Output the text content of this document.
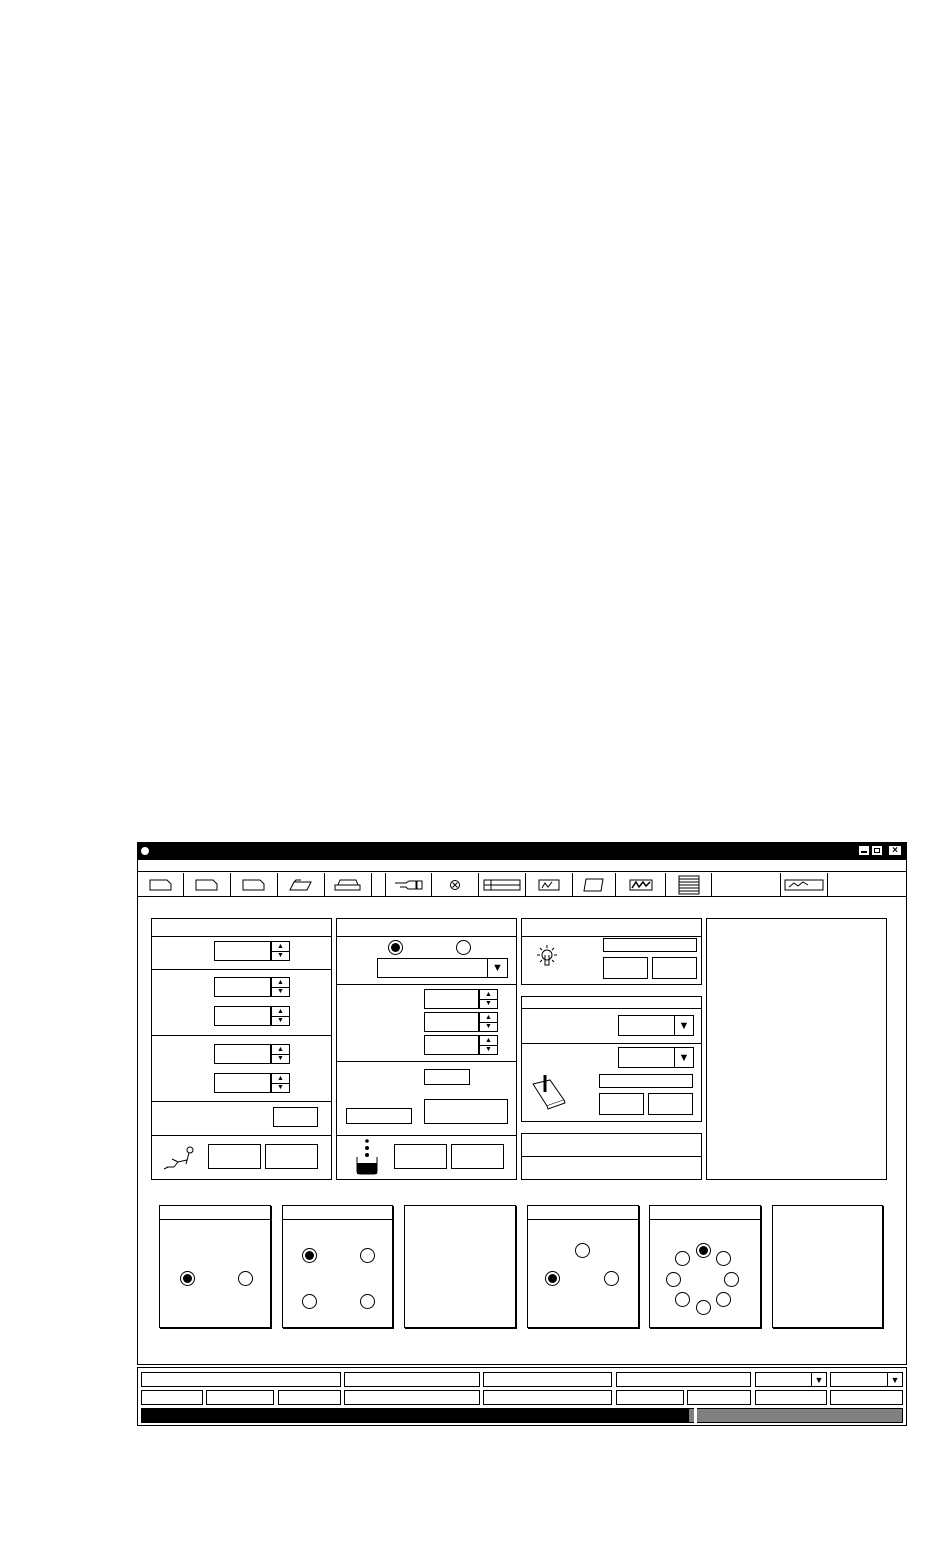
×
▲
▼
▲
▼
▲
▼
▲
▼
▲
▼
▼
▲
▼
▲
▼
▲
▼
▼
▼
▼	▼
